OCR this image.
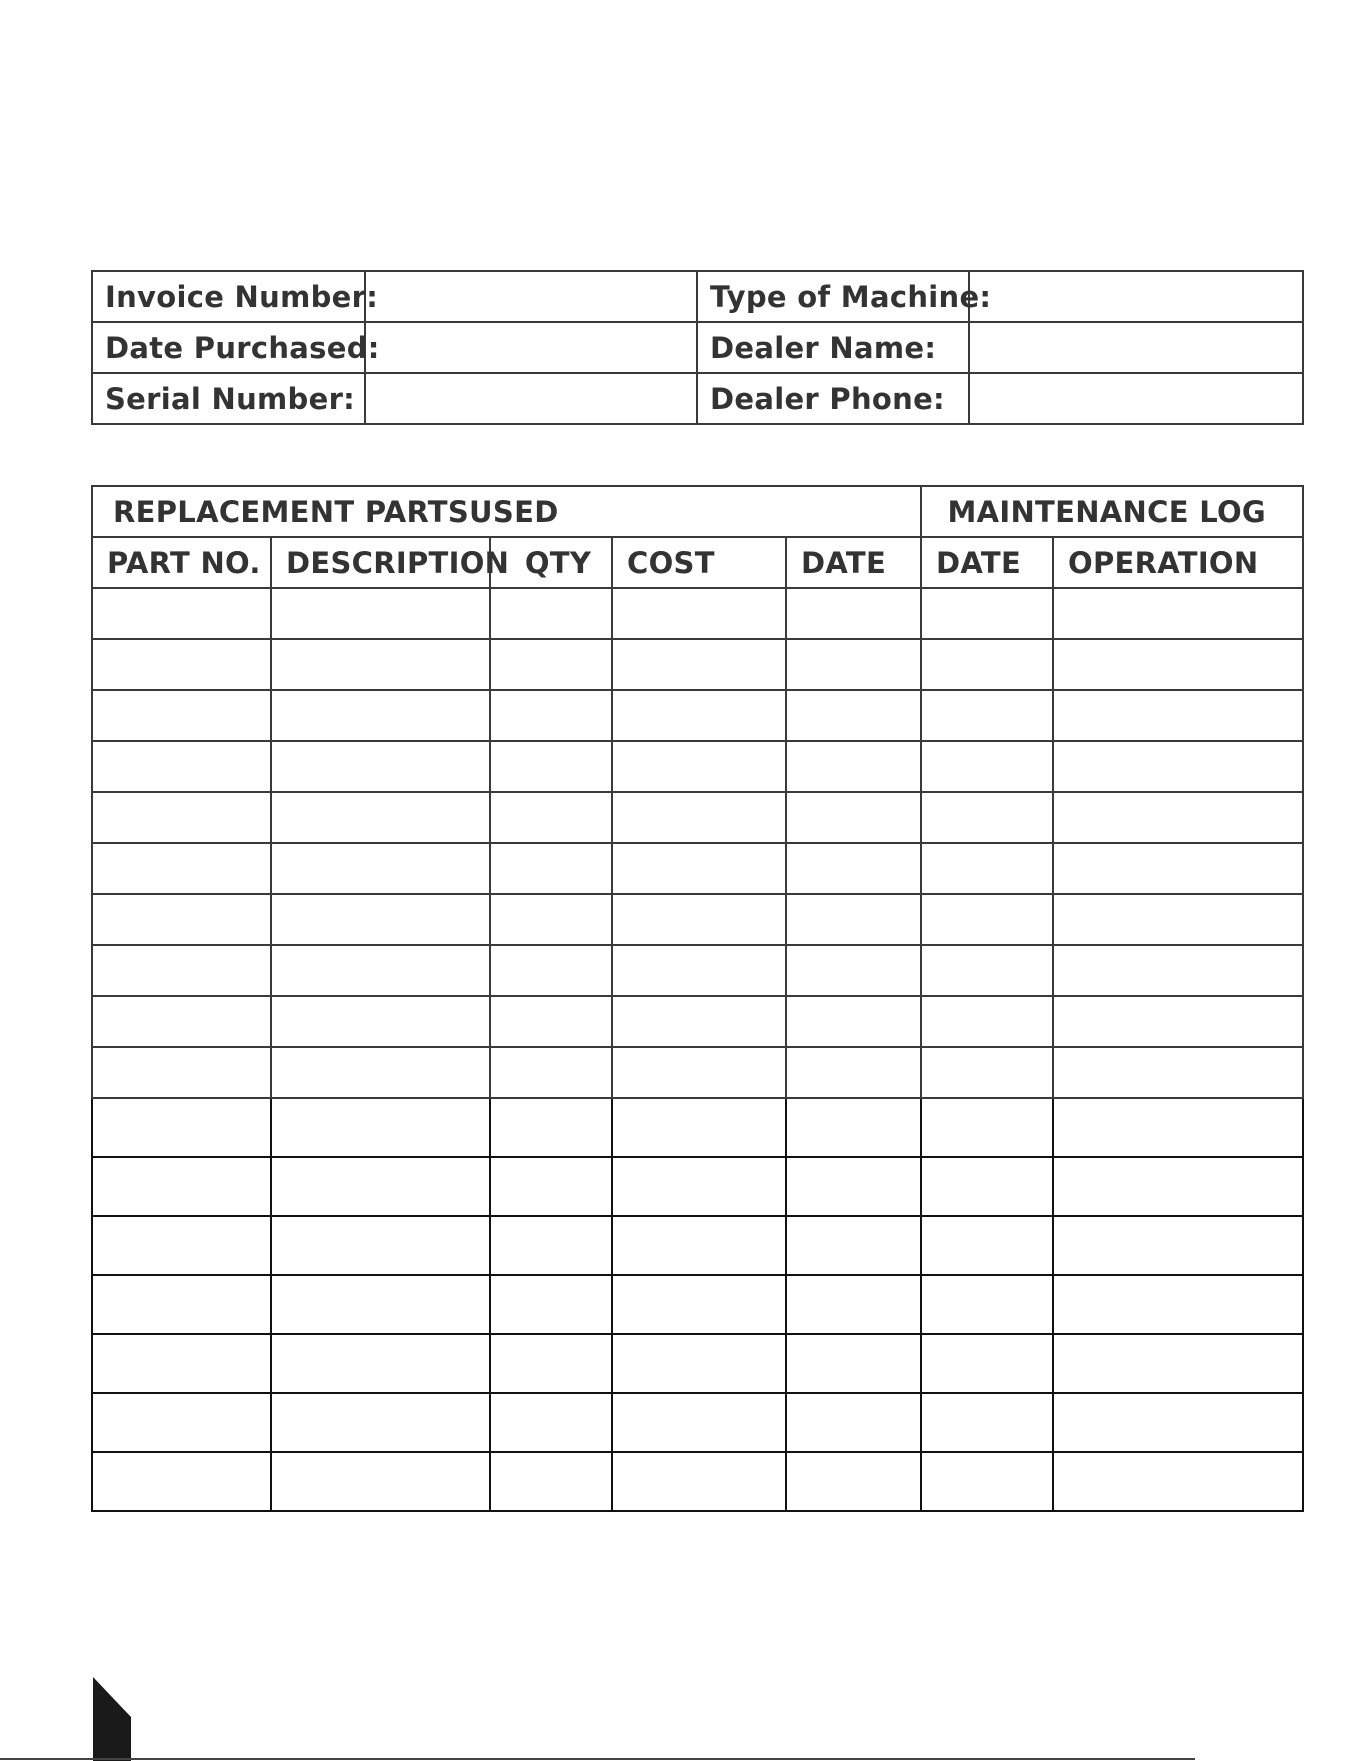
Invoice Number:		Type of Machine:	
Date Purchased:		Dealer Name:	
Serial Number:		Dealer Phone:	
REPLACEMENT PARTSUSED					MAINTENANCE LOG	
PART NO.	DESCRIPTION	QTY	COST	DATE	DATE	OPERATION
